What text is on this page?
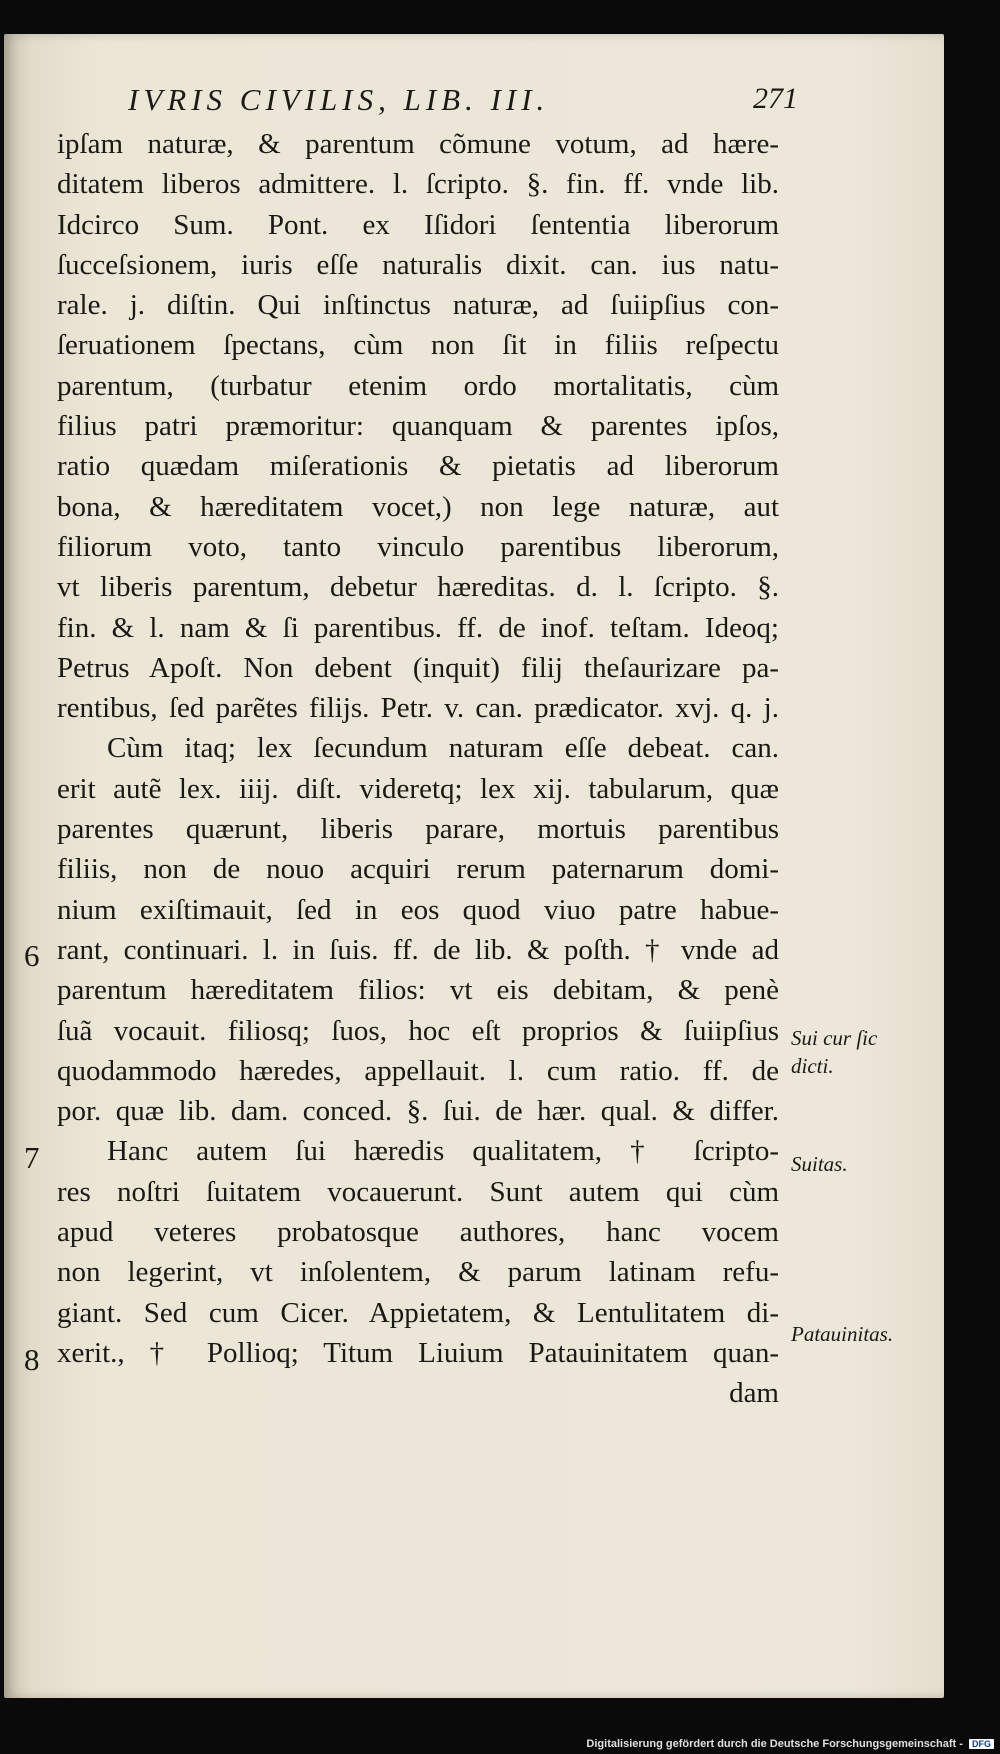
IVRIS CIVILIS, LIB. III.	271
ipſam naturæ, & parentum cõmune votum, ad hære-
ditatem liberos admittere. l. ſcripto. §. fin. ff. vnde lib.
Idcirco Sum. Pont. ex Iſidori ſententia liberorum
ſucceſsionem, iuris eſſe naturalis dixit. can. ius natu-
rale. j. diſtin. Qui inſtinctus naturæ, ad ſuiipſius con-
ſeruationem ſpectans, cùm non ſit in filiis reſpectu
parentum, (turbatur etenim ordo mortalitatis, cùm
filius patri præmoritur: quanquam & parentes ipſos,
ratio quædam miſerationis & pietatis ad liberorum
bona, & hæreditatem vocet,) non lege naturæ, aut
filiorum voto, tanto vinculo parentibus liberorum,
vt liberis parentum, debetur hæreditas. d. l. ſcripto. §.
fin. & l. nam & ſi parentibus. ff. de inof. teſtam. Ideoq;
Petrus Apoſt. Non debent (inquit) filij theſaurizare pa-
rentibus, ſed parẽtes filijs. Petr. v. can. prædicator. xvj. q. j.
Cùm itaq; lex ſecundum naturam eſſe debeat. can.
erit autẽ lex. iiij. diſt. videretq; lex xij. tabularum, quæ
parentes quærunt, liberis parare, mortuis parentibus
filiis, non de nouo acquiri rerum paternarum domi-
nium exiſtimauit, ſed in eos quod viuo patre habue-
rant, continuari. l. in ſuis. ff. de lib. & poſth. † vnde ad
parentum hæreditatem filios: vt eis debitam, & penè
ſuã vocauit. filiosq; ſuos, hoc eſt proprios & ſuiipſius
quodammodo hæredes, appellauit. l. cum ratio. ff. de
por. quæ lib. dam. conced. §. ſui. de hær. qual. & differ.
Hanc autem ſui hæredis qualitatem, † ſcripto-
res noſtri ſuitatem vocauerunt. Sunt autem qui cùm
apud veteres probatosque authores, hanc vocem
non legerint, vt inſolentem, & parum latinam refu-
giant. Sed cum Cicer. Appietatem, & Lentulitatem di-
xerit., † Pollioq; Titum Liuium Patauinitatem quan-
dam
6
7
8
Sui cur ſic dicti.
Suitas.
Patauinitas.
Digitalisierung gefördert durch die Deutsche Forschungsgemeinschaft - DFG
